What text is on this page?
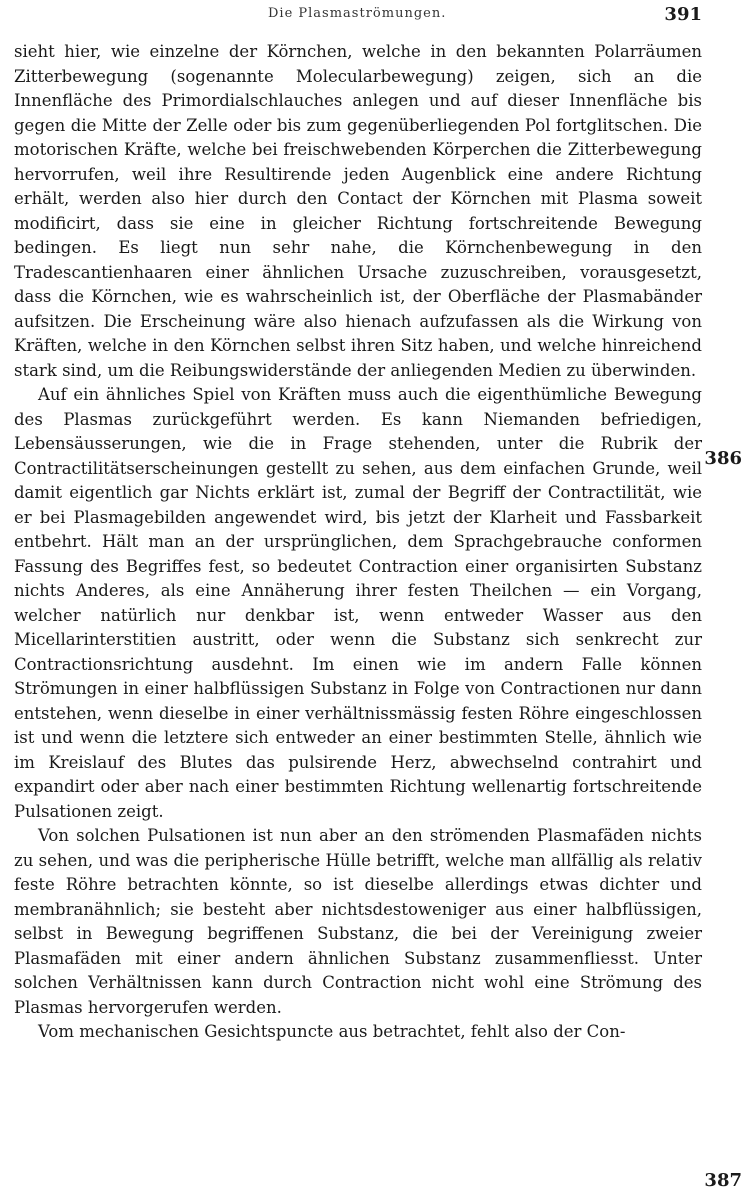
Die Plasmaströmungen.	391

sieht hier, wie einzelne der Körnchen, welche in den bekannten Polarräumen Zitterbewegung (sogenannte Molecularbewegung) zeigen, sich an die Innenfläche des Primordialschlauches anlegen und auf dieser Innenfläche bis gegen die Mitte der Zelle oder bis zum gegenüberliegenden Pol fortglitschen. Die motorischen Kräfte, welche bei freischwebenden Körperchen die Zitterbewegung hervorrufen, weil ihre Resultirende jeden Augenblick eine andere Richtung erhält, werden also hier durch den Contact der Körnchen mit Plasma soweit modificirt, dass sie eine in gleicher Richtung fortschreitende Bewegung bedingen. Es liegt nun sehr nahe, die Körnchenbewegung in den Tradescantienhaaren einer ähnlichen Ursache zuzuschreiben, vorausgesetzt, dass die Körnchen, wie es wahrscheinlich ist, der Oberfläche der Plasmabänder aufsitzen. Die Erscheinung wäre also hienach aufzufassen als die Wirkung von Kräften, welche in den Körnchen selbst ihren Sitz haben, und welche hinreichend stark sind, um die Reibungswiderstände der anliegenden Medien zu überwinden.

Auf ein ähnliches Spiel von Kräften muss auch die eigenthümliche Bewegung des Plasmas zurückgeführt werden. Es kann Niemanden befriedigen, Lebensäusserungen, wie die in Frage stehenden, unter die Rubrik der Contractilitätserscheinungen gestellt zu sehen, aus dem einfachen Grunde, weil damit eigentlich gar Nichts erklärt ist, zumal der Begriff der Contractilität, wie er bei Plasmagebilden angewendet wird, bis jetzt der Klarheit und Fassbarkeit entbehrt. Hält man an der ursprünglichen, dem Sprachgebrauche conformen Fassung des Begriffes fest, so bedeutet Contraction einer organisirten Substanz nichts Anderes, als eine Annäherung ihrer festen Theilchen — ein Vorgang, welcher natürlich nur denkbar ist, wenn entweder Wasser aus den Micellarinterstitien austritt, oder wenn die Substanz sich senkrecht zur Contractionsrichtung ausdehnt. Im einen wie im andern Falle können Strömungen in einer halbflüssigen Substanz in Folge von Contractionen nur dann entstehen, wenn dieselbe in einer verhältnissmässig festen Röhre eingeschlossen ist und wenn die letztere sich entweder an einer bestimmten Stelle, ähnlich wie im Kreislauf des Blutes das pulsirende Herz, abwechselnd contrahirt und expandirt oder aber nach einer bestimmten Richtung wellenartig fortschreitende Pulsationen zeigt.

Von solchen Pulsationen ist nun aber an den strömenden Plasmafäden nichts zu sehen, und was die peripherische Hülle betrifft, welche man allfällig als relativ feste Röhre betrachten könnte, so ist dieselbe allerdings etwas dichter und membranähnlich; sie besteht aber nichtsdestoweniger aus einer halbflüssigen, selbst in Bewegung begriffenen Substanz, die bei der Vereinigung zweier Plasmafäden mit einer andern ähnlichen Substanz zusammenfliesst. Unter solchen Verhältnissen kann durch Contraction nicht wohl eine Strömung des Plasmas hervorgerufen werden.

Vom mechanischen Gesichtspuncte aus betrachtet, fehlt also der Con-

386
387
